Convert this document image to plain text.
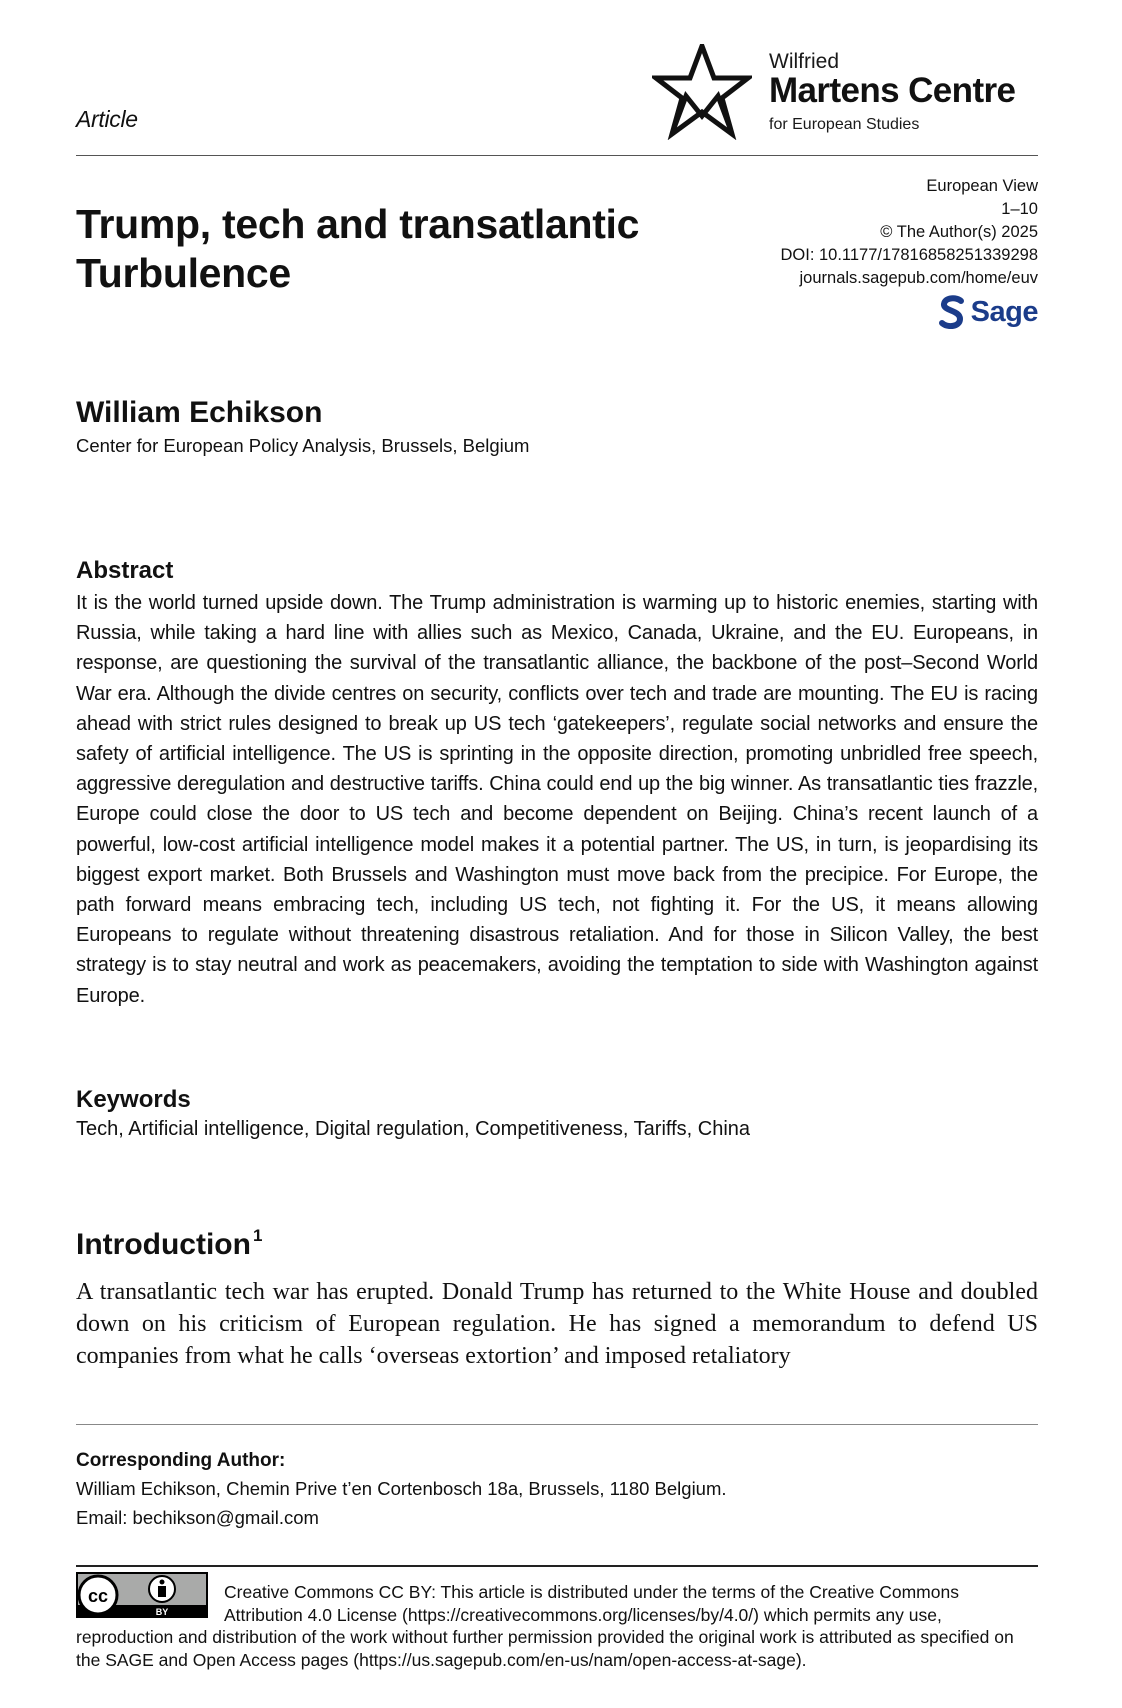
Article
Wilfried
Martens Centre
for European Studies
Trump, tech and transatlantic
Turbulence
European View
1–10
© The Author(s) 2025
DOI: 10.1177/17816858251339298
journals.sagepub.com/home/euv
Sage
William Echikson
Center for European Policy Analysis, Brussels, Belgium
Abstract

It is the world turned upside down. The Trump administration is warming up to historic enemies, starting with Russia, while taking a hard line with allies such as Mexico, Canada, Ukraine, and the EU. Europeans, in response, are questioning the survival of the transatlantic alliance, the backbone of the post–Second World War era. Although the divide centres on security, conflicts over tech and trade are mounting. The EU is racing ahead with strict rules designed to break up US tech ‘gatekeepers’, regulate social networks and ensure the safety of artificial intelligence. The US is sprinting in the opposite direction, promoting unbridled free speech, aggressive deregulation and destructive tariffs. China could end up the big winner. As transatlantic ties frazzle, Europe could close the door to US tech and become dependent on Beijing. China’s recent launch of a powerful, low-cost artificial intelligence model makes it a potential partner. The US, in turn, is jeopardising its biggest export market. Both Brussels and Washington must move back from the precipice. For Europe, the path forward means embracing tech, including US tech, not fighting it. For the US, it means allowing Europeans to regulate without threatening disastrous retaliation. And for those in Silicon Valley, the best strategy is to stay neutral and work as peacemakers, avoiding the temptation to side with Washington against Europe.

Keywords
Tech, Artificial intelligence, Digital regulation, Competitiveness, Tariffs, China
Introduction $^1$

A transatlantic tech war has erupted. Donald Trump has returned to the White House and doubled down on his criticism of European regulation. He has signed a memorandum to defend US companies from what he calls ‘overseas extortion’ and imposed retaliatory

Corresponding Author:
William Echikson, Chemin Prive t’en Cortenbosch 18a, Brussels, 1180 Belgium.
Email: bechikson@gmail.com
cc
BY

Creative Commons CC BY: This article is distributed under the terms of the Creative Commons Attribution 4.0 License (https://creativecommons.org/licenses/by/4.0/) which permits any use, reproduction and distribution of the work without further permission provided the original work is attributed as specified on the SAGE and Open Access pages (https://us.sagepub.com/en-us/nam/open-access-at-sage).
